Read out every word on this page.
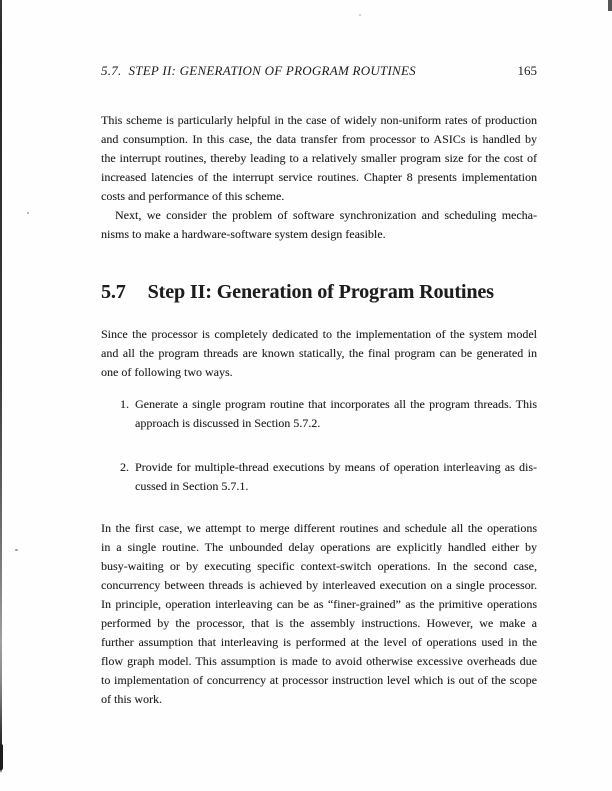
5.7.  STEP II: GENERATION OF PROGRAM ROUTINES	165
This scheme is particularly helpful in the case of widely non-uniform rates of production
and consumption. In this case, the data transfer from processor to ASICs is handled by
the interrupt routines, thereby leading to a relatively smaller program size for the cost of
increased latencies of the interrupt service routines. Chapter 8 presents implementation
costs and performance of this scheme.
Next, we consider the problem of software synchronization and scheduling mecha-
nisms to make a hardware-software system design feasible.
5.7 Step II: Generation of Program Routines
Since the processor is completely dedicated to the implementation of the system model
and all the program threads are known statically, the final program can be generated in
one of following two ways.
1. Generate a single program routine that incorporates all the program threads. This
approach is discussed in Section 5.7.2.
2. Provide for multiple-thread executions by means of operation interleaving as dis-
cussed in Section 5.7.1.
In the first case, we attempt to merge different routines and schedule all the operations
in a single routine. The unbounded delay operations are explicitly handled either by
busy-waiting or by executing specific context-switch operations. In the second case,
concurrency between threads is achieved by interleaved execution on a single processor.
In principle, operation interleaving can be as “finer-grained” as the primitive operations
performed by the processor, that is the assembly instructions. However, we make a
further assumption that interleaving is performed at the level of operations used in the
flow graph model. This assumption is made to avoid otherwise excessive overheads due
to implementation of concurrency at processor instruction level which is out of the scope
of this work.
